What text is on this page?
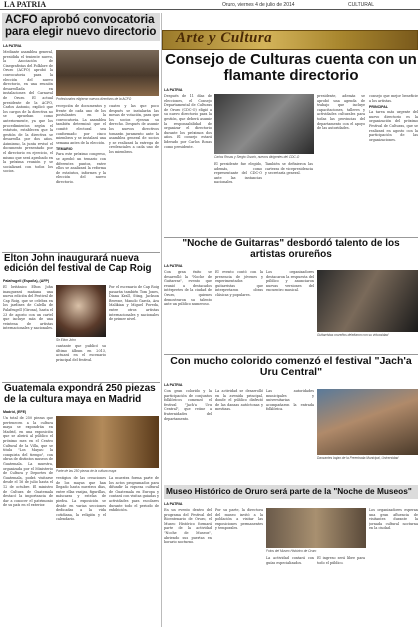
LA PATRIA	Oruro, viernes 4 de julio de 2014	CULTURAL
ACFO aprobó convocatoria para elegir nuevo directorio
LA PATRIA
Mediante asamblea general, presidida el teniente nuevo, la Asociación de Cinegrafistas del Folklore de Oruro (ACFO) aprobó la convocatoria para la elección del nuevo directorio, en una reunión desarrollada en instalaciones del Carnaval de Oruro. El actual presidente de la ACFO, Carlos Antonio, explicó que los cargos de la directiva no se aprueban como anteriormente, ya que los procedimientos según el estatuto, establecen que la gestión de la directiva se desarrolla por dos años. Asimismo, la junta revisó el documento presentado por el directorio en ejercicio, el mismo que será aprobado en la próxima reunión y se socializará con todos los socios.
Profesionales eligieron nuevos directivos de la ACFO
recepción de documentos y frente de cada uno de los postulantes en la convocatoria. La asamblea también determinó que el comité electoral sea conformado por cinco miembros y se instalará una semana antes de la elección.
TEMARIO
Para este próximo congreso, se aprobó un temario con diferentes puntos, entre ellos se analizará la reforma de estatutos, informes y la elección del nuevo directorio.
cuatro y las que poco después se instalarán las mesas de votación, para que los socios ejerzan su derecho. Después de asumir los nuevos directivos tomarán juramento ante la asamblea general de socios y se realizará la entrega de credenciales a cada uno de los miembros.
Elton John inaugurará nueva edición del festival de Cap Roig
Palafrugell (España), (AFP)
El británico Elton John inaugurará mañana una nueva edición del Festival de Cap Roig, que se celebra en los jardines de Calella de Palafrugell (Girona), hasta el 23 de agosto con un cartel que incluye más de una veintena de artistas internacionales y nacionales.
Sir Elton John
cantante que publicó su último álbum en 2013, actuará en el escenario principal del festival.
Por el escenario de Cap Roig pasarán también Tom Jones, Diana Krall, Sting, Jackson Browne, Manolo García, Ara Malikian y Miguel Poveda, entre otros artistas internacionales y nacionales de primer nivel.
Guatemala expondrá 250 piezas de la cultura maya en Madrid
Madrid, (EFE)
Un total de 250 piezas que pertenecen a la cultura maya se expondrán en Madrid, en una exposición que se abrirá al público el próximo mes en el Centro Cultural de la Villa, que se titula "Los Mayas: la conquista del tiempo", con obras de distintos museos de Guatemala. La muestra, organizada por el Ministerio de Cultura y Deportes de Guatemala, podrá visitarse desde el 16 de julio hasta el 12 de octubre. El ministro de Cultura de Guatemala destacó la importancia de dar a conocer el patrimonio de su país en el exterior.
Parte de las 250 piezas de la cultura maya
vestigios de las creaciones de los mayas que han llegado hasta nuestros días, entre ellas vasijas, figurillas, máscaras y estelas de piedra. La exposición se divide en varias secciones dedicadas a la vida cotidiana, la religión y el calendario.
La muestra forma parte de los actos programados para difundir la riqueza cultural de Guatemala en Europa y contará con visitas guiadas y actividades para escolares durante todo el periodo de exhibición.
Arte y Cultura
Consejo de Culturas cuenta con un flamante directorio
LA PATRIA
Después de 11 días de elecciones, el Consejo Departamental de Culturas de Oruro (CDC-O) eligió a su nuevo directorio para la gestión, que deberá asumir la responsabilidad de organizar el directorio durante los próximos dos años. El consejo estará liderado por Carlos Rosas como presidente.
Carlos Rosas y Sergio Osorio, nuevos dirigentes del CDC-O
El presidente fue elegido, además, como representante del CDC-O ante las instancias nacionales.
También se definieron las carteras de vicepresidencia y secretaría general.
presidente, además se aprobó una agenda de trabajo que incluye capacitaciones, talleres y actividades culturales para todas las provincias del departamento con el apoyo de las autoridades.
consejo que mejor beneficie a los artistas.
PRINCIPAL
La tarea más urgente del nuevo directorio es la organización del próximo Festival de Culturas, que se realizará en agosto con la participación de las organizaciones.
"Noche de Guitarras" desbordó talento de los artistas orureños
LA PATRIA
Con gran éxito se desarrolló la "Noche de Guitarras", evento que reunió a destacados intérpretes de la ciudad de Oruro, quienes demostraron su talento ante un público numeroso.
El evento contó con la presencia de jóvenes y experimentados guitarristas que interpretaron obras clásicas y populares.
Los organizadores destacaron la respuesta del público y anunciaron nuevas versiones del encuentro musical.
Guitarristas orureños deleitaron con su virtuosidad
Con mucho colorido comenzó el festival "Jach'a Uru Central"
LA PATRIA
Con gran colorido y la participación de conjuntos folklóricos comenzó el festival "Jach'a Uru Central", que reúne a fraternidades del departamento.
La actividad se desarrolló en la avenida principal, donde el público disfrutó de las danzas autóctonas y mestizas.
Las autoridades municipales y universitarias acompañaron la entrada folklórica.
Danzantes bajan de la Preentrada Municipal, Universidad
Museo Histórico de Oruro será parte de la "Noche de Museos"
LA PATRIA
En un evento dentro del programa del Festival del Bicentenario de Oruro, el Museo Histórico formará parte de la actividad "Noche de Museos", abriendo sus puertas en horario nocturno.
Por su parte, la directora del museo invitó a la población a visitar las exposiciones permanentes y temporales.
Fotos del Museo Histórico de Oruro
La actividad contará con guías especializados.
El ingreso será libre para todo el público.
Los organizadores esperan una gran afluencia de visitantes durante la jornada cultural nocturna en la ciudad.
